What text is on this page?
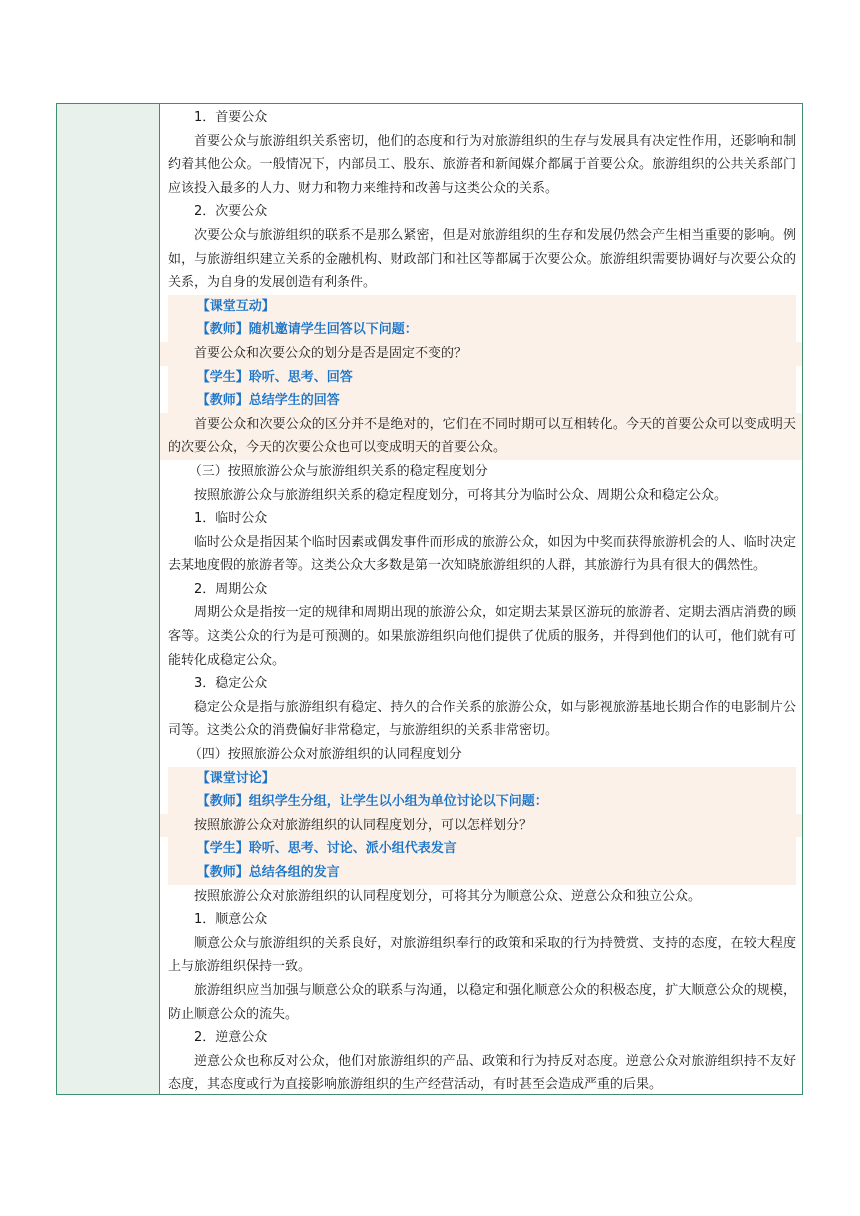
1．首要公众

首要公众与旅游组织关系密切，他们的态度和行为对旅游组织的生存与发展具有决定性作用，还影响和制约着其他公众。一般情况下，内部员工、股东、旅游者和新闻媒介都属于首要公众。旅游组织的公共关系部门应该投入最多的人力、财力和物力来维持和改善与这类公众的关系。

2．次要公众

次要公众与旅游组织的联系不是那么紧密，但是对旅游组织的生存和发展仍然会产生相当重要的影响。例如，与旅游组织建立关系的金融机构、财政部门和社区等都属于次要公众。旅游组织需要协调好与次要公众的关系，为自身的发展创造有利条件。

【课堂互动】

【教师】随机邀请学生回答以下问题：

首要公众和次要公众的划分是否是固定不变的？

【学生】聆听、思考、回答

【教师】总结学生的回答

首要公众和次要公众的区分并不是绝对的，它们在不同时期可以互相转化。今天的首要公众可以变成明天的次要公众，今天的次要公众也可以变成明天的首要公众。

（三）按照旅游公众与旅游组织关系的稳定程度划分

按照旅游公众与旅游组织关系的稳定程度划分，可将其分为临时公众、周期公众和稳定公众。

1．临时公众

临时公众是指因某个临时因素或偶发事件而形成的旅游公众，如因为中奖而获得旅游机会的人、临时决定去某地度假的旅游者等。这类公众大多数是第一次知晓旅游组织的人群，其旅游行为具有很大的偶然性。

2．周期公众

周期公众是指按一定的规律和周期出现的旅游公众，如定期去某景区游玩的旅游者、定期去酒店消费的顾客等。这类公众的行为是可预测的。如果旅游组织向他们提供了优质的服务，并得到他们的认可，他们就有可能转化成稳定公众。

3．稳定公众

稳定公众是指与旅游组织有稳定、持久的合作关系的旅游公众，如与影视旅游基地长期合作的电影制片公司等。这类公众的消费偏好非常稳定，与旅游组织的关系非常密切。

（四）按照旅游公众对旅游组织的认同程度划分

【课堂讨论】

【教师】组织学生分组，让学生以小组为单位讨论以下问题：

按照旅游公众对旅游组织的认同程度划分，可以怎样划分？

【学生】聆听、思考、讨论、派小组代表发言

【教师】总结各组的发言

按照旅游公众对旅游组织的认同程度划分，可将其分为顺意公众、逆意公众和独立公众。

1．顺意公众

顺意公众与旅游组织的关系良好，对旅游组织奉行的政策和采取的行为持赞赏、支持的态度，在较大程度上与旅游组织保持一致。

旅游组织应当加强与顺意公众的联系与沟通，以稳定和强化顺意公众的积极态度，扩大顺意公众的规模，防止顺意公众的流失。

2．逆意公众

逆意公众也称反对公众，他们对旅游组织的产品、政策和行为持反对态度。逆意公众对旅游组织持不友好态度，其态度或行为直接影响旅游组织的生产经营活动，有时甚至会造成严重的后果。
